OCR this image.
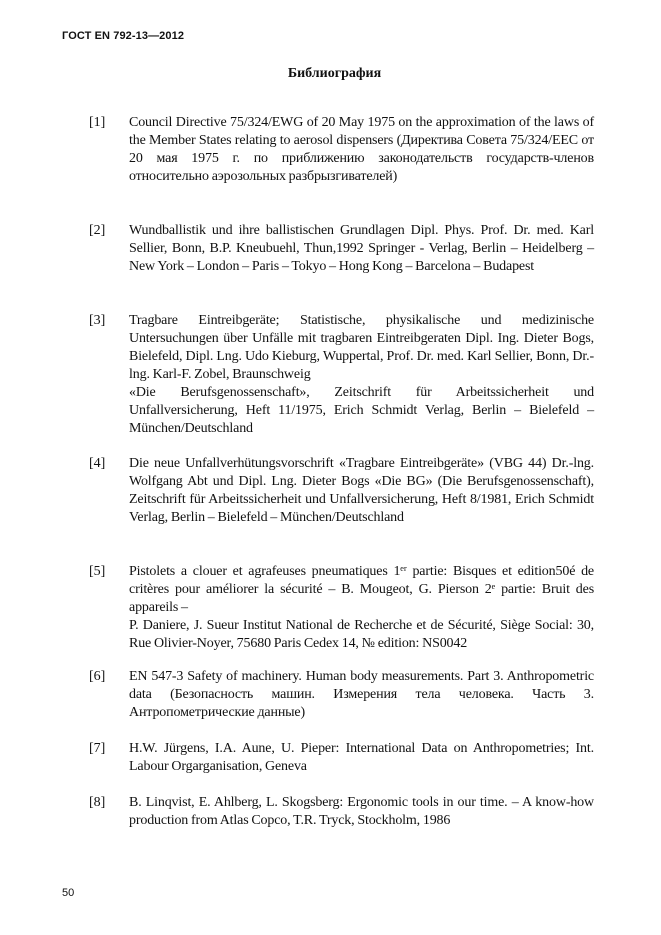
ГОСТ EN 792-13—2012
Библиография
[1] Council Directive 75/324/EWG of 20 May 1975 on the approximation of the laws of the Member States relating to aerosol dispensers (Директива Совета 75/324/ЕЕС от 20 мая 1975 г. по приближению законодательств государств-членов относительно аэрозольных разбрызгивателей)
[2] Wundballistik und ihre ballistischen Grundlagen Dipl. Phys. Prof. Dr. med. Karl Sellier, Bonn, B.P. Kneubuehl, Thun,1992 Springer - Verlag, Berlin – Heidelberg – New York – London – Paris – Tokyo – Hong Kong – Barcelona – Budapest
[3] Tragbare Eintreibgeräte; Statistische, physikalische und medizinische Untersuchungen über Unfälle mit tragbaren Eintreibgeraten Dipl. Ing. Dieter Bogs, Bielefeld, Dipl. Lng. Udo Kieburg, Wuppertal, Prof. Dr. med. Karl Sellier, Bonn, Dr.-lng. Karl-F. Zobel, Braunschweig
«Die Berufsgenossenschaft», Zeitschrift für Arbeitssicherheit und Unfallversicherung, Heft 11/1975, Erich Schmidt Verlag, Berlin – Bielefeld – München/Deutschland
[4] Die neue Unfallverhütungsvorschrift «Tragbare Eintreibgeräte» (VBG 44) Dr.-lng. Wolfgang Abt und Dipl. Lng. Dieter Bogs «Die BG» (Die Berufsgenossenschaft), Zeitschrift für Arbeitssicherheit und Unfallversicherung, Heft 8/1981, Erich Schmidt Verlag, Berlin – Bielefeld – München/Deutschland
[5] Pistolets a clouer et agrafeuses pneumatiques 1ᵉʳ partie: Bisques et edition50é de critères pour améliorer la sécurité – B. Mougeot, G. Pierson 2ᵉ partie: Bruit des appareils –
P. Daniere, J. Sueur Institut National de Recherche et de Sécurité, Siège Social: 30, Rue Olivier-Noyer, 75680 Paris Cedex 14, № edition: NS0042
[6] EN 547-3 Safety of machinery. Human body measurements. Part 3. Anthropometric data (Безопасность машин. Измерения тела человека. Часть 3. Антропометрические данные)
[7] H.W. Jürgens, I.A. Aune, U. Pieper: International Data on Anthropometries; Int. Labour Orgarganisation, Geneva
[8] B. Linqvist, E. Ahlberg, L. Skogsberg: Ergonomic tools in our time. – A know-how production from Atlas Copco, T.R. Tryck, Stockholm, 1986
50
